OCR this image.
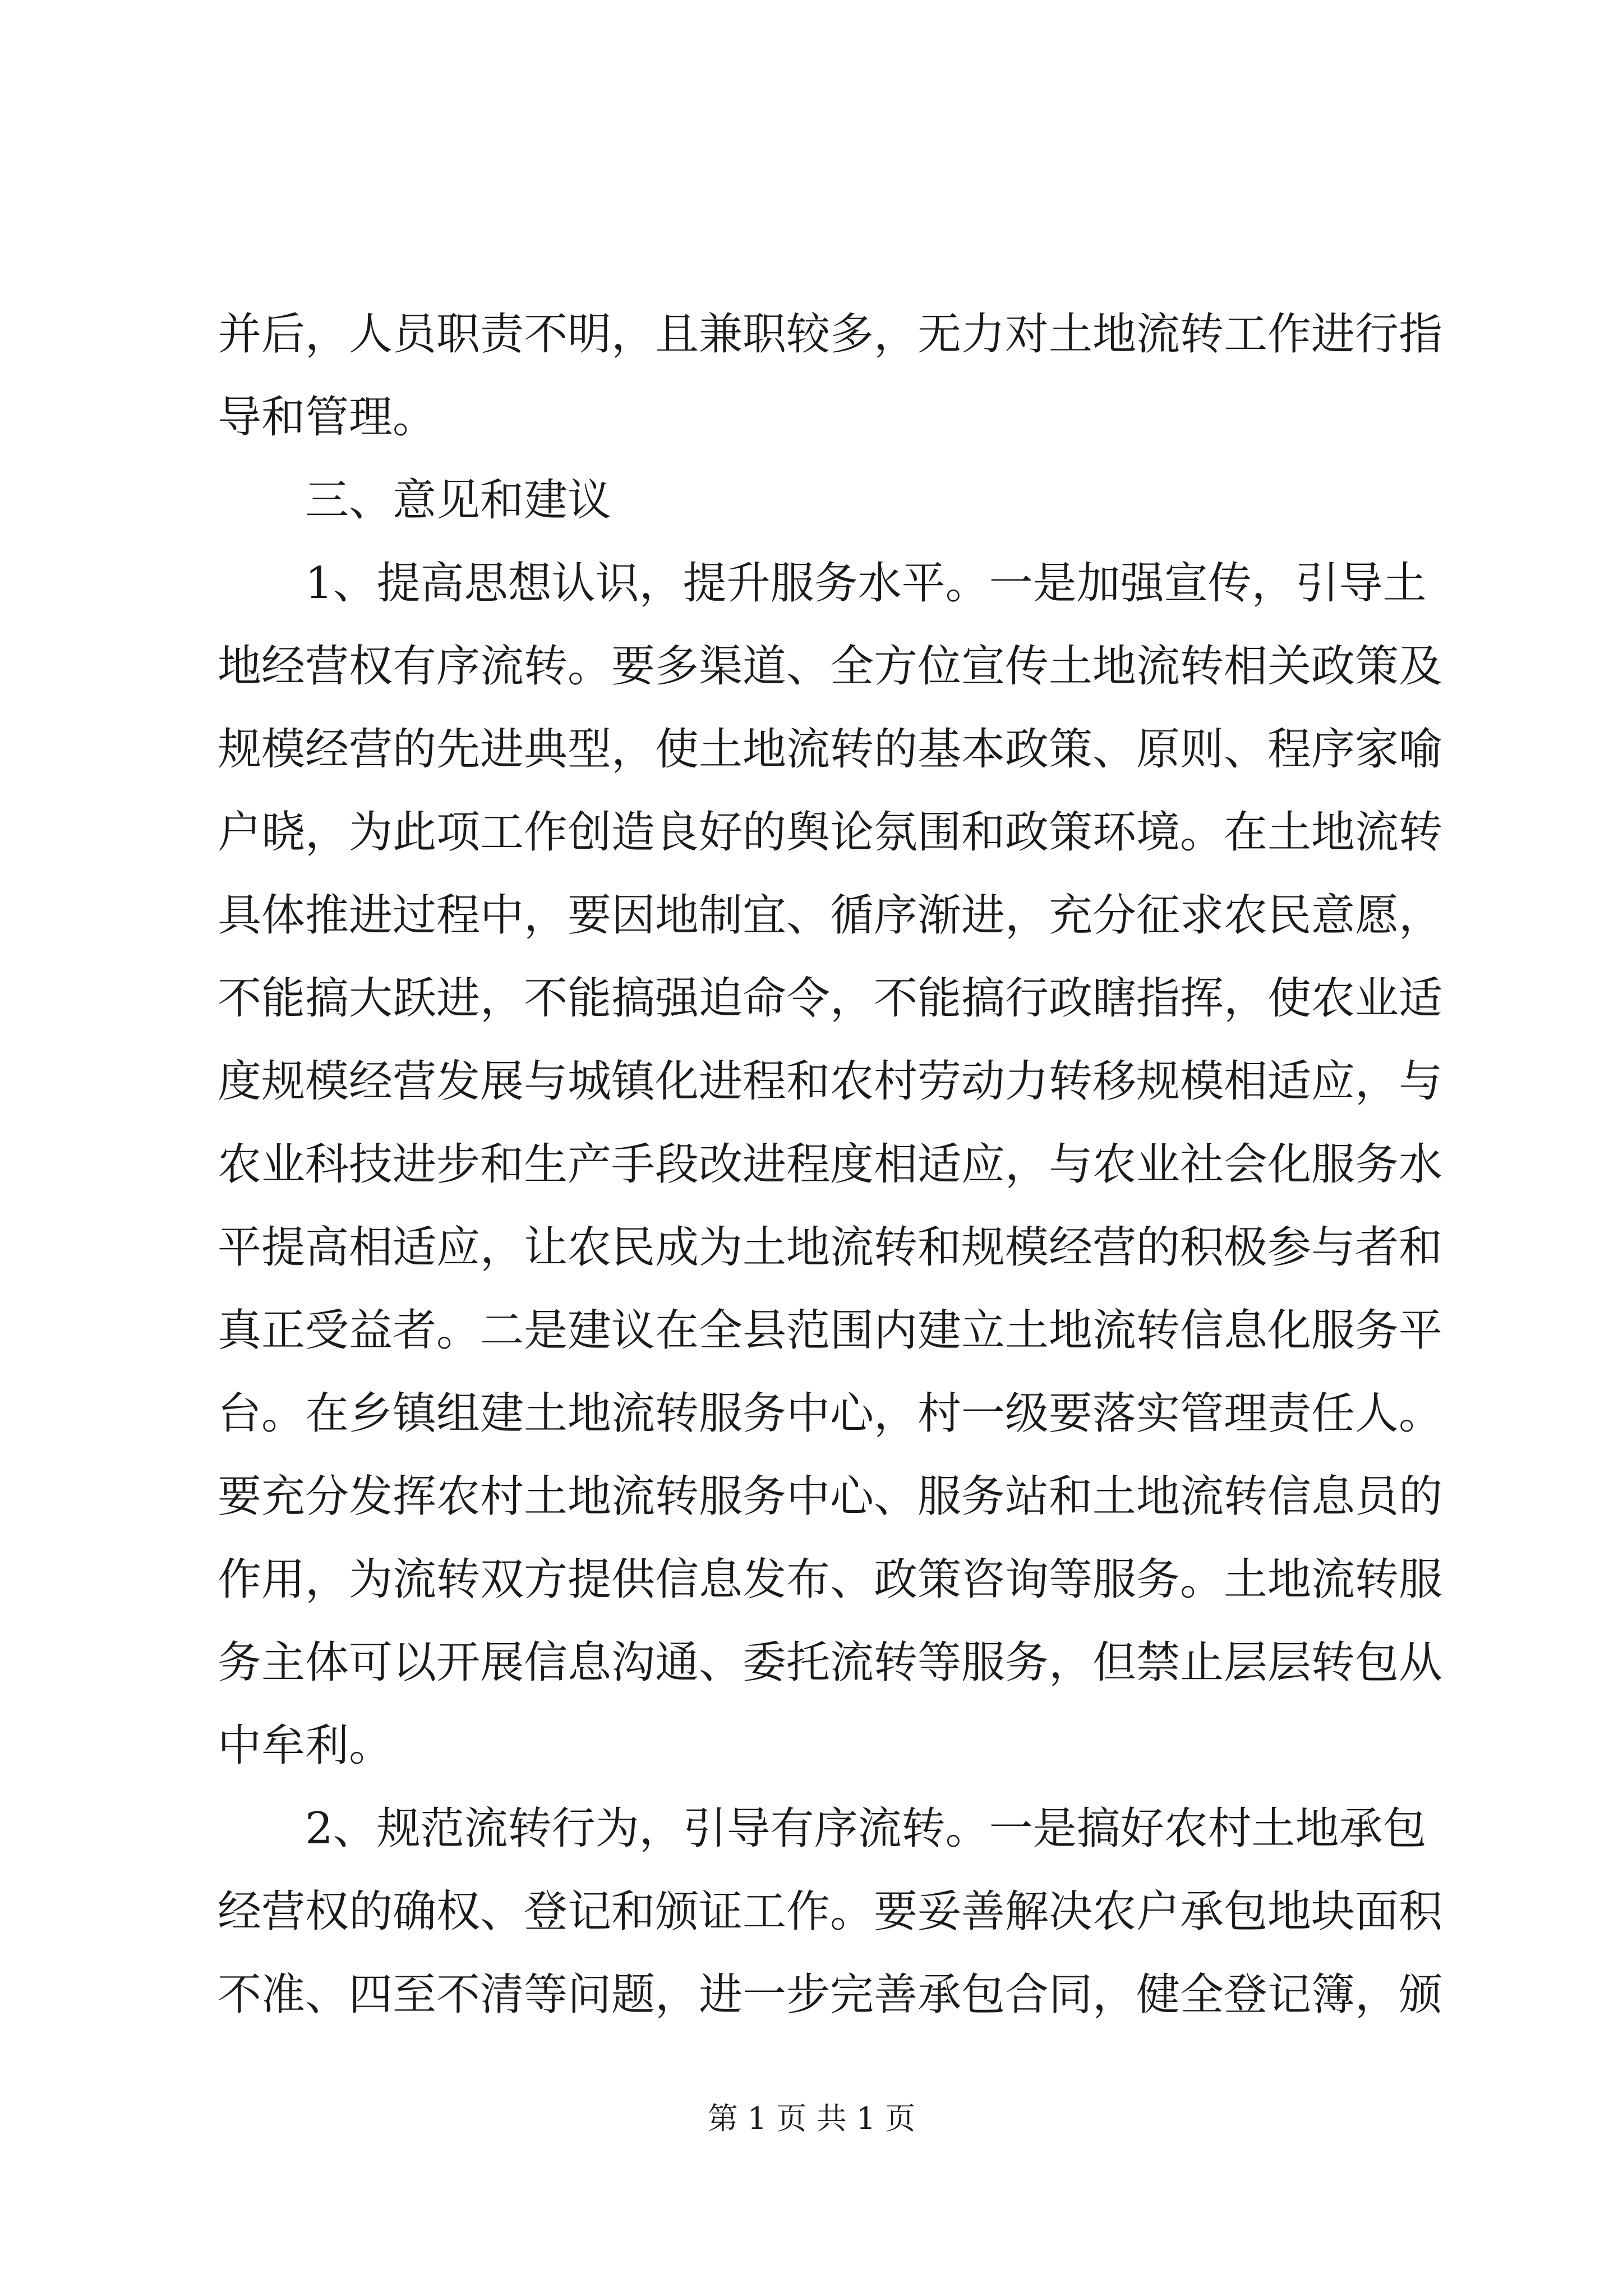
并后，人员职责不明，且兼职较多，无力对土地流转工作进行指
导和管理。
三、意见和建议
1、提高思想认识，提升服务水平。一是加强宣传，引导土
地经营权有序流转。要多渠道、全方位宣传土地流转相关政策及
规模经营的先进典型，使土地流转的基本政策、原则、程序家喻
户晓，为此项工作创造良好的舆论氛围和政策环境。在土地流转
具体推进过程中，要因地制宜、循序渐进，充分征求农民意愿，
不能搞大跃进，不能搞强迫命令，不能搞行政瞎指挥，使农业适
度规模经营发展与城镇化进程和农村劳动力转移规模相适应，与
农业科技进步和生产手段改进程度相适应，与农业社会化服务水
平提高相适应，让农民成为土地流转和规模经营的积极参与者和
真正受益者。二是建议在全县范围内建立土地流转信息化服务平
台。在乡镇组建土地流转服务中心，村一级要落实管理责任人。
要充分发挥农村土地流转服务中心、服务站和土地流转信息员的
作用，为流转双方提供信息发布、政策咨询等服务。土地流转服
务主体可以开展信息沟通、委托流转等服务，但禁止层层转包从
中牟利。
2、规范流转行为，引导有序流转。一是搞好农村土地承包
经营权的确权、登记和颁证工作。要妥善解决农户承包地块面积
不准、四至不清等问题，进一步完善承包合同，健全登记簿，颁
第 1 页 共 1 页
